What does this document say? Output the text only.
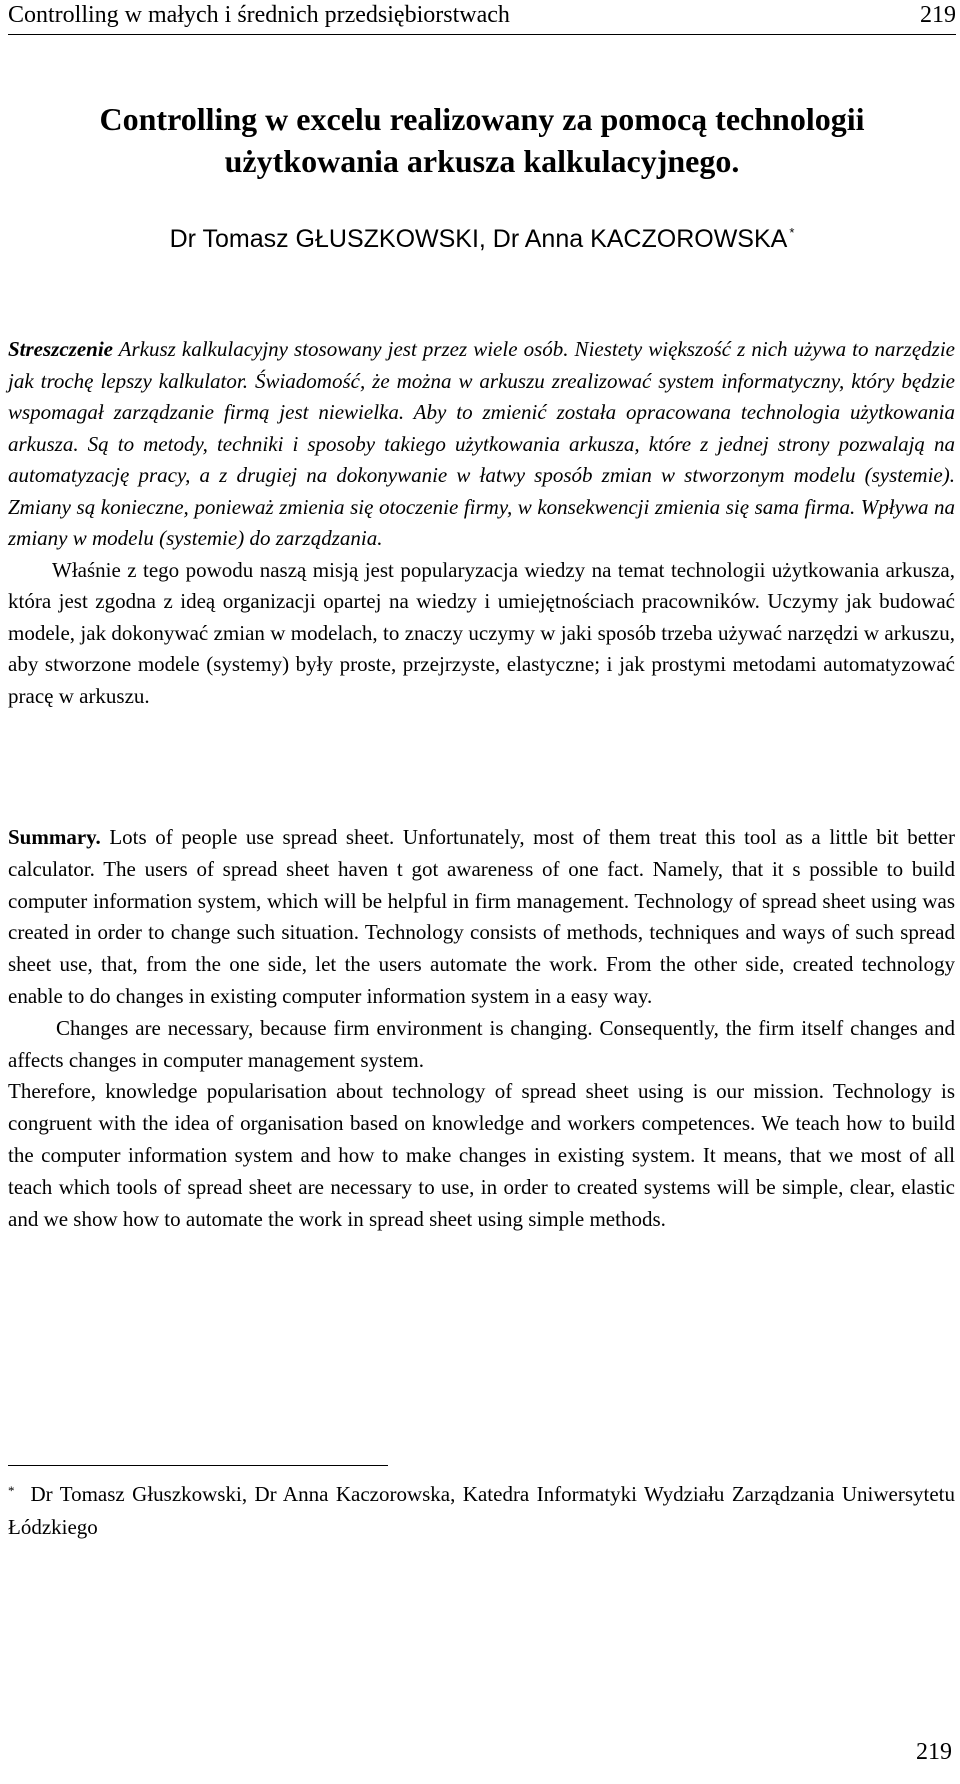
Controlling w małych i średnich przedsiębiorstwach	219
Controlling w excelu realizowany za pomocą technologii
użytkowania arkusza kalkulacyjnego.
Dr Tomasz GŁUSZKOWSKI, Dr Anna KACZOROWSKA *

Streszczenie Arkusz kalkulacyjny stosowany jest przez wiele osób. Niestety większość z nich używa to narzędzie jak trochę lepszy kalkulator. Świadomość, że można w arkuszu zrealizować system informatyczny, który będzie wspomagał zarządzanie firmą jest niewielka. Aby to zmienić została opracowana technologia użytkowania arkusza. Są to metody, techniki i sposoby takiego użytkowania arkusza, które z jednej strony pozwalają na automatyzację pracy, a z drugiej na dokonywanie w łatwy sposób zmian w stworzonym modelu (systemie). Zmiany są konieczne, ponieważ zmienia się otoczenie firmy, w konsekwencji zmienia się sama firma. Wpływa na zmiany w modelu (systemie) do zarządzania.

Właśnie z tego powodu naszą misją jest popularyzacja wiedzy na temat technologii użytkowania arkusza, która jest zgodna z ideą organizacji opartej na wiedzy i umiejętnościach pracowników. Uczymy jak budować modele, jak dokonywać zmian w modelach, to znaczy uczymy w jaki sposób trzeba używać narzędzi w arkuszu, aby stworzone modele (systemy) były proste, przejrzyste, elastyczne; i jak prostymi metodami automatyzować pracę w arkuszu.

Summary. Lots of people use spread sheet. Unfortunately, most of them treat this tool as a little bit better calculator. The users of spread sheet haven t got awareness of one fact. Namely, that it s possible to build computer information system, which will be helpful in firm management. Technology of spread sheet using was created in order to change such situation. Technology consists of methods, techniques and ways of such spread sheet use, that, from the one side, let the users automate the work. From the other side, created technology enable to do changes in existing computer information system in a easy way.

Changes are necessary, because firm environment is changing. Consequently, the firm itself changes and affects changes in computer management system.

Therefore, knowledge popularisation about technology of spread sheet using is our mission. Technology is congruent with the idea of organisation based on knowledge and workers competences. We teach how to build the computer information system and how to make changes in existing system. It means, that we most of all teach which tools of spread sheet are necessary to use, in order to created systems will be simple, clear, elastic and we show how to automate the work in spread sheet using simple methods.

* Dr Tomasz Głuszkowski, Dr Anna Kaczorowska, Katedra Informatyki Wydziału Zarządzania Uniwersytetu Łódzkiego

219
